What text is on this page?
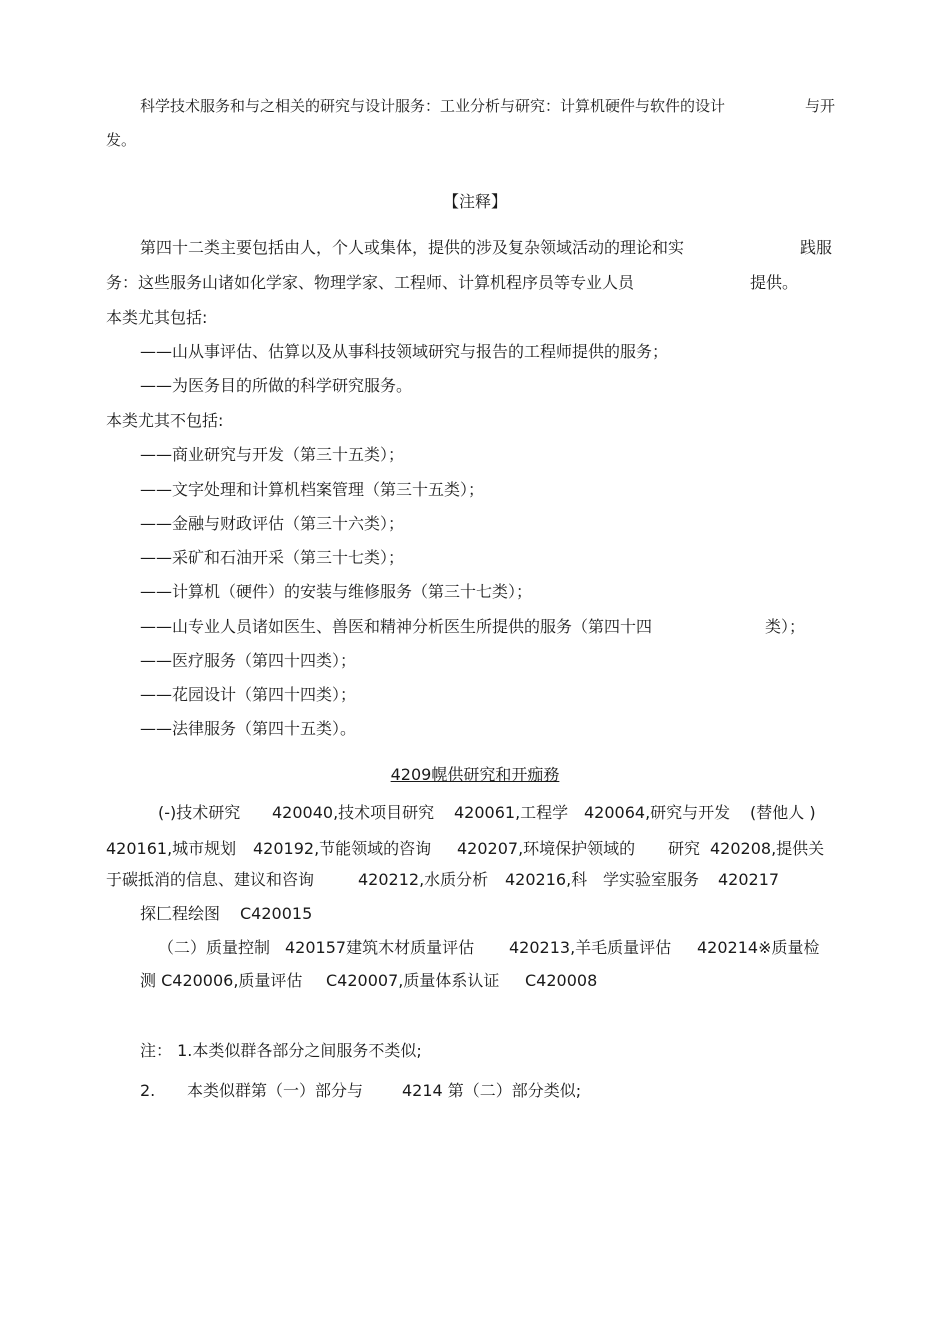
科学技术服务和与之相关的研究与设计服务：工业分析与研究：计算机硬件与软件的设计	与开
发。
【注释】
第四十二类主要包括由人，个人或集体，提供的涉及复杂领域活动的理论和实	践服
务：这些服务山诸如化学家、物理学家、工程师、计算机程序员等专业人员	提供。
本类尤其包括:
——山从事评估、估算以及从事科技领域研究与报告的工程师提供的服务；
——为医务目的所做的科学研究服务。
本类尤其不包括:
——商业研究与开发（第三十五类）；
——文字处理和计算机档案管理（第三十五类）；
——金融与财政评估（第三十六类）；
——采矿和石油开采（第三十七类）；
——计算机（硬件）的安装与维修服务（第三十七类）；
——山专业人员诸如医生、兽医和精神分析医生所提供的服务（第四十四	类）；
——医疗服务（第四十四类）；
——花园设计（第四十四类）；
——法律服务（第四十五类）。
4209幌供研究和开痂務
(-)技术研究 420040,技术项目研究 420061,工程学 420064,研究与开发 (替他人 )
420161,城市规划 420192,节能领域的咨询 420207,环境保护领域的 研究 420208,提供关
于碳抵消的信息、建议和咨询	420212,水质分析 420216,科 学实验室服务 420217
探匚程绘图 C420015
（二）质量控制 420157建筑木材质量评估 420213,羊毛质量评估 420214※质量检
测 C420006,质量评估 C420007,质量体系认证 C420008
注： 1.本类似群各部分之间服务不类似;
2. 本类似群第（一）部分与 4214 第（二）部分类似;
